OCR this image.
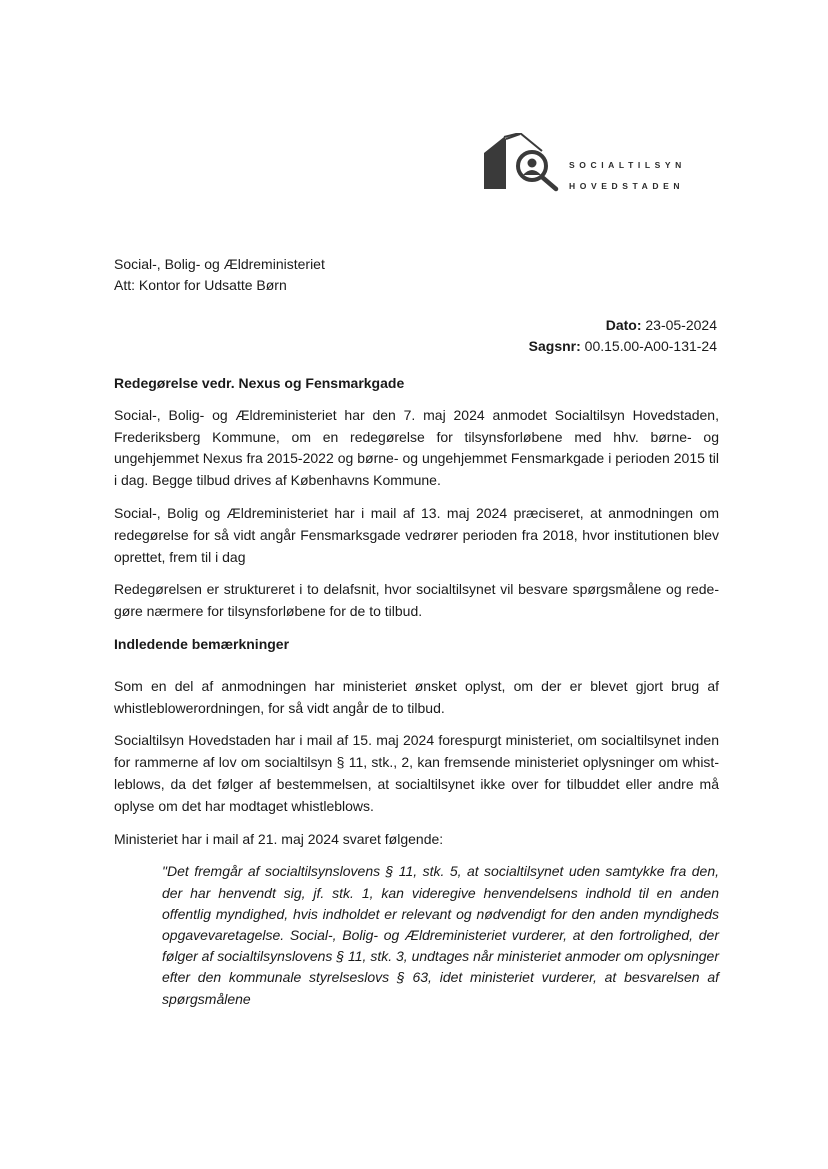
SOCIALTILSYN
HOVEDSTADEN
Social-, Bolig- og Ældreministeriet
Att: Kontor for Udsatte Børn
Dato: 23-05-2024
Sagsnr: 00.15.00-A00-131-24
Redegørelse vedr. Nexus og Fensmarkgade

Social-, Bolig- og Ældreministeriet har den 7. maj 2024 anmodet Socialtilsyn Hovedstaden, Frederiksberg Kommune, om en redegørelse for tilsynsforløbene med hhv. børne- og ungehjemmet Nexus fra 2015-2022 og børne- og ungehjemmet Fensmarkgade i perioden 2015 til i dag. Begge tilbud drives af Københavns Kommune.

Social-, Bolig og Ældreministeriet har i mail af 13. maj 2024 præciseret, at anmodningen om redegørelse for så vidt angår Fensmarksgade vedrører perioden fra 2018, hvor institutionen blev oprettet, frem til i dag

Redegørelsen er struktureret i to delafsnit, hvor socialtilsynet vil besvare spørgsmålene og redegøre nærmere for tilsynsforløbene for de to tilbud.

Indledende bemærkninger

Som en del af anmodningen har ministeriet ønsket oplyst, om der er blevet gjort brug af whistleblowerordningen, for så vidt angår de to tilbud.

Socialtilsyn Hovedstaden har i mail af 15. maj 2024 forespurgt ministeriet, om socialtilsynet inden for rammerne af lov om socialtilsyn § 11, stk., 2, kan fremsende ministeriet oplysninger om whistleblows, da det følger af bestemmelsen, at socialtilsynet ikke over for tilbuddet eller andre må oplyse om det har modtaget whistleblows.

Ministeriet har i mail af 21. maj 2024 svaret følgende:

"Det fremgår af socialtilsynslovens § 11, stk. 5, at socialtilsynet uden samtykke fra den, der har henvendt sig, jf. stk. 1, kan videregive henvendelsens indhold til en anden offentlig myndighed, hvis indholdet er relevant og nødvendigt for den anden myndigheds opgavevaretagelse. Social-, Bolig- og Ældreministeriet vurderer, at den fortrolighed, der følger af socialtilsynslovens § 11, stk. 3, undtages når ministeriet anmoder om oplysninger efter den kommunale styrelseslovs § 63, idet ministeriet vurderer, at besvarelsen af spørgsmålene
